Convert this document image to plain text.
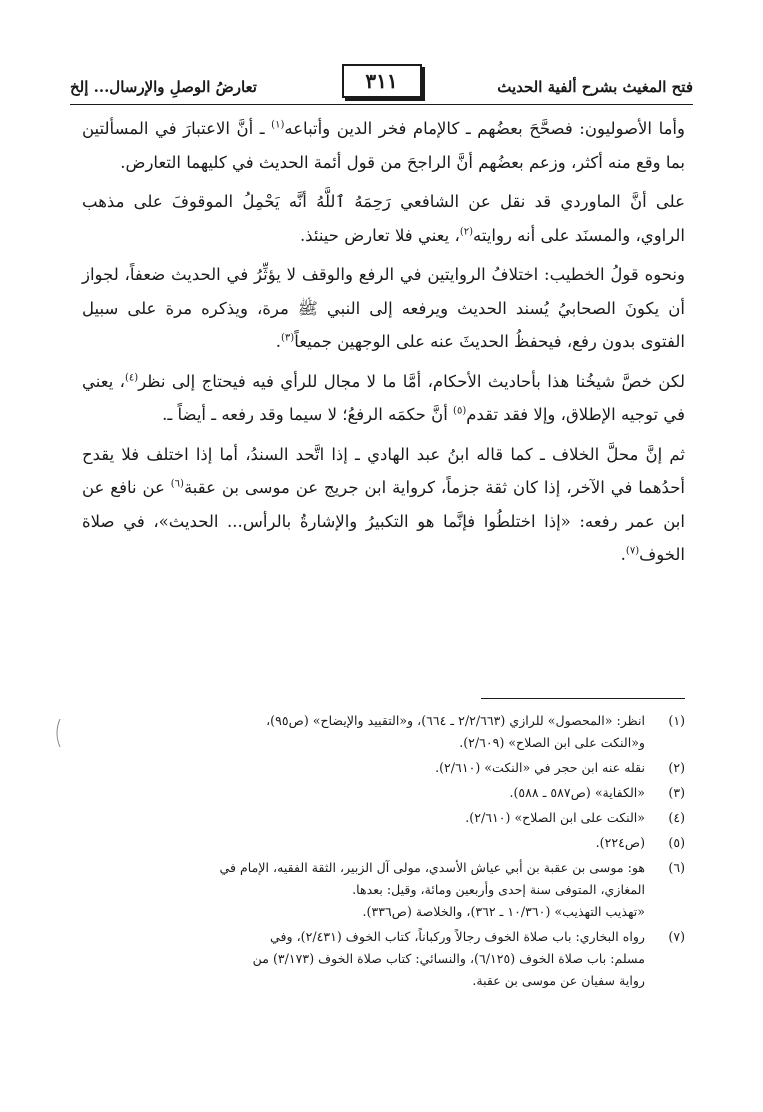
فتح المغيث بشرح ألفية الحديث
٣١١
تعارضُ الوصلِ والإرسال... إلخ

وأما الأصوليون: فصحَّحَ بعضُهم ـ كالإمام فخر الدين وأتباعه$^{(١)}$ ـ أنَّ الاعتبارَ في المسألتين بما وقع منه أكثر، وزعم بعضُهم أنَّ الراجحَ من قول أئمة الحديث في كليهما التعارض.

على أنَّ الماوردي قد نقل عن الشافعي رَحِمَهُ ٱللَّهُ أنَّه يَحْمِلُ الموقوفَ على مذهب الراوي، والمسنَد على أنه روايته$^{(٢)}$، يعني فلا تعارض حينئذ.

ونحوه قولُ الخطيب: اختلافُ الروايتين في الرفع والوقف لا يؤثِّرُ في الحديث ضعفاً، لجواز أن يكونَ الصحابيُ يُسند الحديث ويرفعه إلى النبي ﷺ مرة، ويذكره مرة على سبيل الفتوى بدون رفع، فيحفظُ الحديثَ عنه على الوجهين جميعاً$^{(٣)}$.

لكن خصَّ شيخُنا هذا بأحاديث الأحكام، أمَّا ما لا مجال للرأي فيه فيحتاج إلى نظر$^{(٤)}$، يعني في توجيه الإطلاق، وإلا فقد تقدم$^{(٥)}$ أنَّ حكمَه الرفعُ؛ لا سيما وقد رفعه ـ أيضاً ـ.

ثم إنَّ محلَّ الخلاف ـ كما قاله ابنُ عبد الهادي ـ إذا اتَّحد السندُ، أما إذا اختلف فلا يقدح أحدُهما في الآخر، إذا كان ثقة جزماً، كرواية ابن جريج عن موسى بن عقبة$^{(٦)}$ عن نافع عن ابن عمر رفعه: «إذا اختلطُوا فإنَّما هو التكبيرُ والإشارةُ بالرأس... الحديث»، في صلاة الخوف$^{(٧)}$.

(١)
انظر: «المحصول» للرازي (٢/٢/٦٦٣ ـ ٦٦٤)، و«التقييد والإيضاح» (ص٩٥)،
و«النكت على ابن الصلاح» (٢/٦٠٩).
(٢)
نقله عنه ابن حجر في «النكت» (٢/٦١٠).
(٣)
«الكفاية» (ص٥٨٧ ـ ٥٨٨).
(٤)
«النكت على ابن الصلاح» (٢/٦١٠).
(٥)
(ص٢٢٤).
(٦)
هو: موسى بن عقبة بن أبي عياش الأسدي، مولى آل الزبير، الثقة الفقيه، الإمام في
المغازي، المتوفى سنة إحدى وأربعين ومائة، وقيل: بعدها.
«تهذيب التهذيب» (١٠/٣٦٠ ـ ٣٦٢)، والخلاصة (ص٣٣٦).
(٧)
رواه البخاري: باب صلاة الخوف رجالاً وركباناً، كتاب الخوف (٢/٤٣١)، وفي
مسلم: باب صلاة الخوف (٦/١٢٥)، والنسائي: كتاب صلاة الخوف (٣/١٧٣) من
رواية سفيان عن موسى بن عقبة.
